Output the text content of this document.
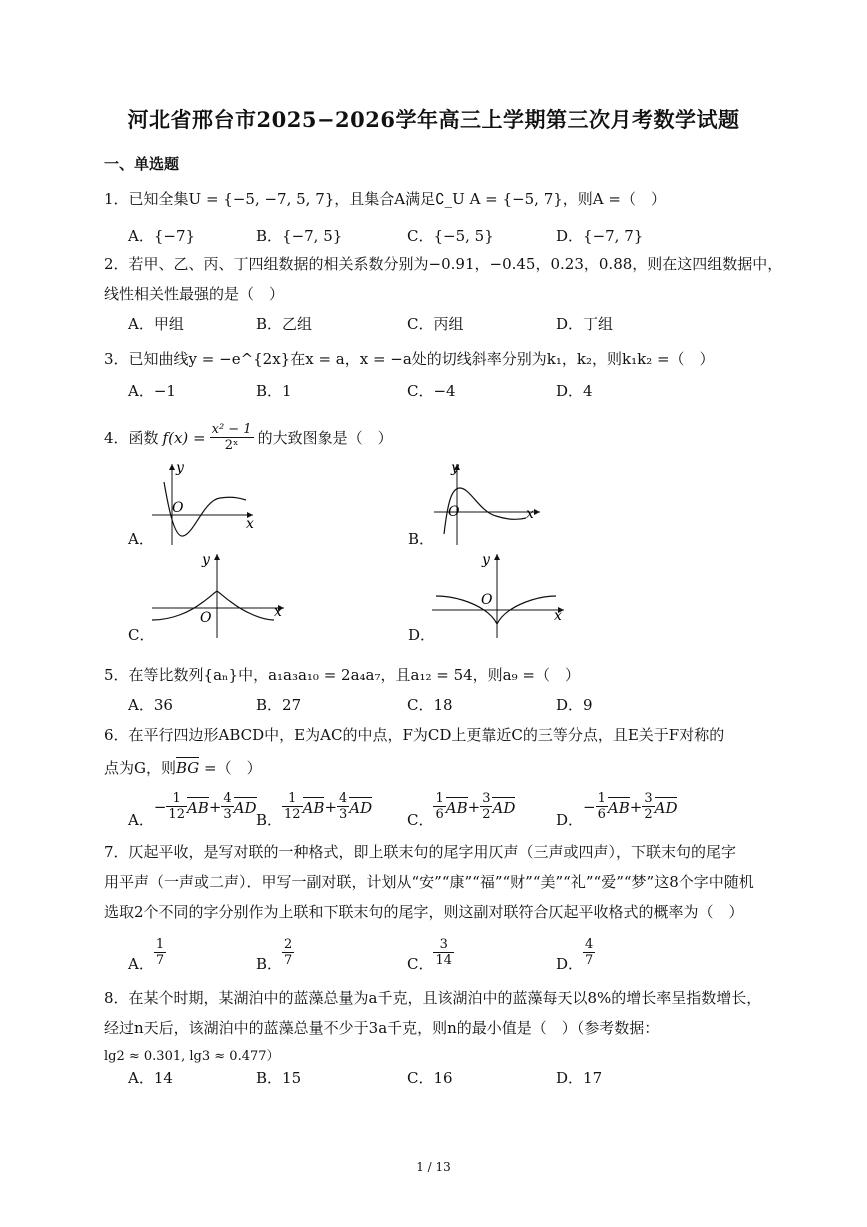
河北省邢台市2025−2026学年高三上学期第三次月考数学试题
一、单选题
1．已知全集U = {−5, −7, 5, 7}，且集合A满足∁_U A = {−5, 7}，则A =（　）
A．{−7}	B．{−7, 5}	C．{−5, 5}	D．{−7, 7}
2．若甲、乙、丙、丁四组数据的相关系数分别为−0.91，−0.45，0.23，0.88，则在这四组数据中，
线性相关性最强的是（　）
A．甲组	B．乙组	C．丙组	D．丁组
3．已知曲线y = −e^{2x}在x = a，x = −a处的切线斜率分别为k₁，k₂，则k₁k₂ =（　）
A．−1	B．1	C．−4	D．4
4．函数 $f(x) = \frac{\text{x² − 1}}{\text{2ˣ}}$ 的大致图象是（　）
A．
y
x
O
B．
y
x
O
C．
y
x
O
D．
y
x
O
5．在等比数列{aₙ}中，a₁a₃a₁₀ = 2a₄a₇，且a₁₂ = 54，则a₉ =（　）
A．36	B．27	C．18	D．9
6．在平行四边形ABCD中，E为AC的中点，F为CD上更靠近C的三等分点，且E关于F对称的
点为G，则BG =（　）
A．
− $\frac{1}{12}$ AB + $\frac{4}{3}$ AD
B． $\frac{1}{12}$ AB + $\frac{4}{3}$ AD
C． $\frac{1}{6}$ AB + $\frac{3}{2}$ AD
D．
− $\frac{1}{6}$ AB + $\frac{3}{2}$ AD
7．仄起平收，是写对联的一种格式，即上联末句的尾字用仄声（三声或四声），下联末句的尾字
用平声（一声或二声）．甲写一副对联，计划从“安”“康”“福”“财”“美”“礼”“爱”“梦”这8个字中随机
选取2个不同的字分别作为上联和下联末句的尾字，则这副对联符合仄起平收格式的概率为（　）
A． $\frac{1}{7}$	B． $\frac{2}{7}$	C． $\frac{3}{14}$	D． $\frac{4}{7}$
8．在某个时期，某湖泊中的蓝藻总量为a千克，且该湖泊中的蓝藻每天以8%的增长率呈指数增长，
经过n天后，该湖泊中的蓝藻总量不少于3a千克，则n的最小值是（　）（参考数据：
lg2 ≈ 0.301, lg3 ≈ 0.477）
A．14	B．15	C．16	D．17
1 / 13
